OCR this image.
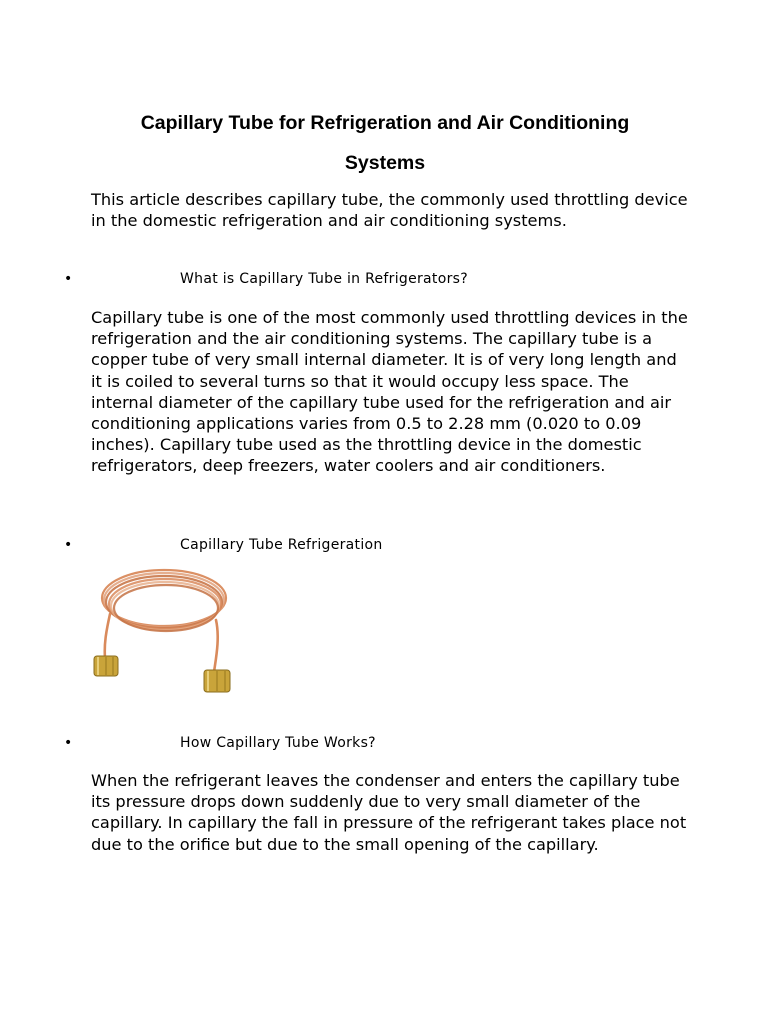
Capillary Tube for Refrigeration and Air Conditioning
Systems

This article describes capillary tube, the commonly used throttling device in the domestic refrigeration and air conditioning systems.

•	What is Capillary Tube in Refrigerators?

Capillary tube is one of the most commonly used throttling devices in the refrigeration and the air conditioning systems. The capillary tube is a copper tube of very small internal diameter. It is of very long length and it is coiled to several turns so that it would occupy less space. The internal diameter of the capillary tube used for the refrigeration and air conditioning applications varies from 0.5 to 2.28 mm (0.020 to 0.09 inches). Capillary tube used as the throttling device in the domestic refrigerators, deep freezers, water coolers and air conditioners.

•	Capillary Tube Refrigeration
•	How Capillary Tube Works?

When the refrigerant leaves the condenser and enters the capillary tube its pressure drops down suddenly due to very small diameter of the capillary. In capillary the fall in pressure of the refrigerant takes place not due to the orifice but due to the small opening of the capillary.
